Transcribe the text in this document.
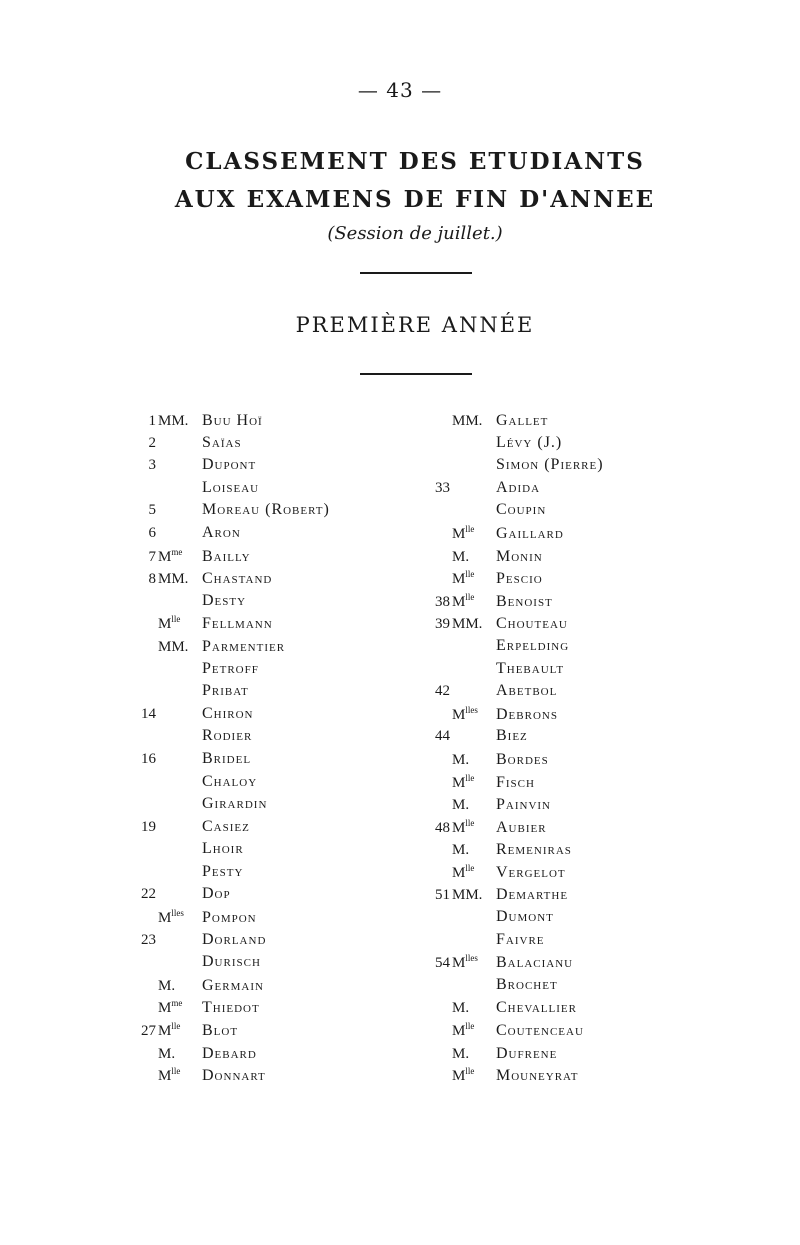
— 43 —
CLASSEMENT DES ETUDIANTS
AUX EXAMENS DE FIN D'ANNEE
(Session de juillet.)
PREMIÈRE ANNÉE
1 MM. Buu Hoï
2	Saïas
3	Dupont
Loiseau
5	Moreau (Robert)
6	Aron
7 $M^{me}$	Bailly
8 MM. Chastand
Desty
$M^{lle}$	Fellmann
MM. Parmentier
Petroff
Pribat
14	Chiron
Rodier
16	Bridel
Chaloy
Girardin
19	Casiez
Lhoir
Pesty
22	Dop
$M^{lles}$	Pompon
23	Dorland
Durisch
M.	Germain
$M^{me}$	Thiedot
27 $M^{lle}$	Blot
M.	Debard
$M^{lle}$	Donnart
MM. Gallet
Lévy (J.)
Simon (Pierre)
33	Adida
Coupin
$M^{lle}$	Gaillard
M.	Monin
$M^{lle}$	Pescio
38 $M^{lle}$	Benoist
39 MM. Chouteau
Erpelding
Thebault
42	Abetbol
$M^{lles}$	Debrons
44	Biez
M.	Bordes
$M^{lle}$	Fisch
M.	Painvin
48 $M^{lle}$	Aubier
M.	Remeniras
$M^{lle}$	Vergelot
51 MM. Demarthe
Dumont
Faivre
54 $M^{lles}$	Balacianu
Brochet
M.	Chevallier
$M^{lle}$	Coutenceau
M.	Dufrene
$M^{lle}$	Mouneyrat
